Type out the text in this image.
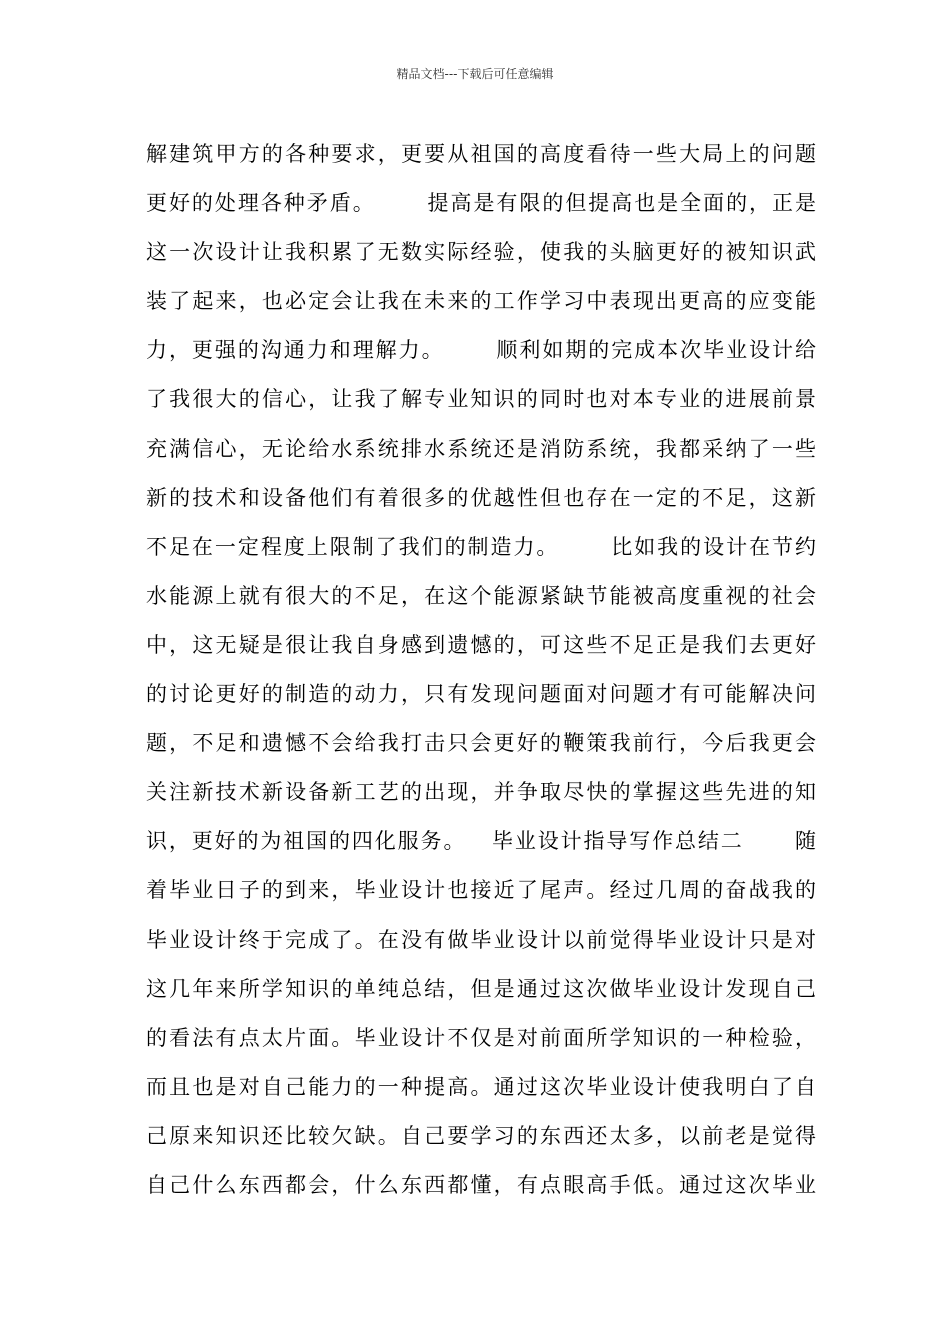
精品文档---下载后可任意编辑
解建筑甲方的各种要求，更要从祖国的高度看待一些大局上的问题
更好的处理各种矛盾。      提高是有限的但提高也是全面的，正是
这一次设计让我积累了无数实际经验，使我的头脑更好的被知识武
装了起来，也必定会让我在未来的工作学习中表现出更高的应变能
力，更强的沟通力和理解力。      顺利如期的完成本次毕业设计给
了我很大的信心，让我了解专业知识的同时也对本专业的进展前景
充满信心，无论给水系统排水系统还是消防系统，我都采纳了一些
新的技术和设备他们有着很多的优越性但也存在一定的不足，这新
不足在一定程度上限制了我们的制造力。      比如我的设计在节约
水能源上就有很大的不足，在这个能源紧缺节能被高度重视的社会
中，这无疑是很让我自身感到遗憾的，可这些不足正是我们去更好
的讨论更好的制造的动力，只有发现问题面对问题才有可能解决问
题，不足和遗憾不会给我打击只会更好的鞭策我前行，今后我更会
关注新技术新设备新工艺的出现，并争取尽快的掌握这些先进的知
识，更好的为祖国的四化服务。   毕业设计指导写作总结二      随
着毕业日子的到来，毕业设计也接近了尾声。经过几周的奋战我的
毕业设计终于完成了。在没有做毕业设计以前觉得毕业设计只是对
这几年来所学知识的单纯总结，但是通过这次做毕业设计发现自己
的看法有点太片面。毕业设计不仅是对前面所学知识的一种检验，
而且也是对自己能力的一种提高。通过这次毕业设计使我明白了自
己原来知识还比较欠缺。自己要学习的东西还太多，以前老是觉得
自己什么东西都会，什么东西都懂，有点眼高手低。通过这次毕业
